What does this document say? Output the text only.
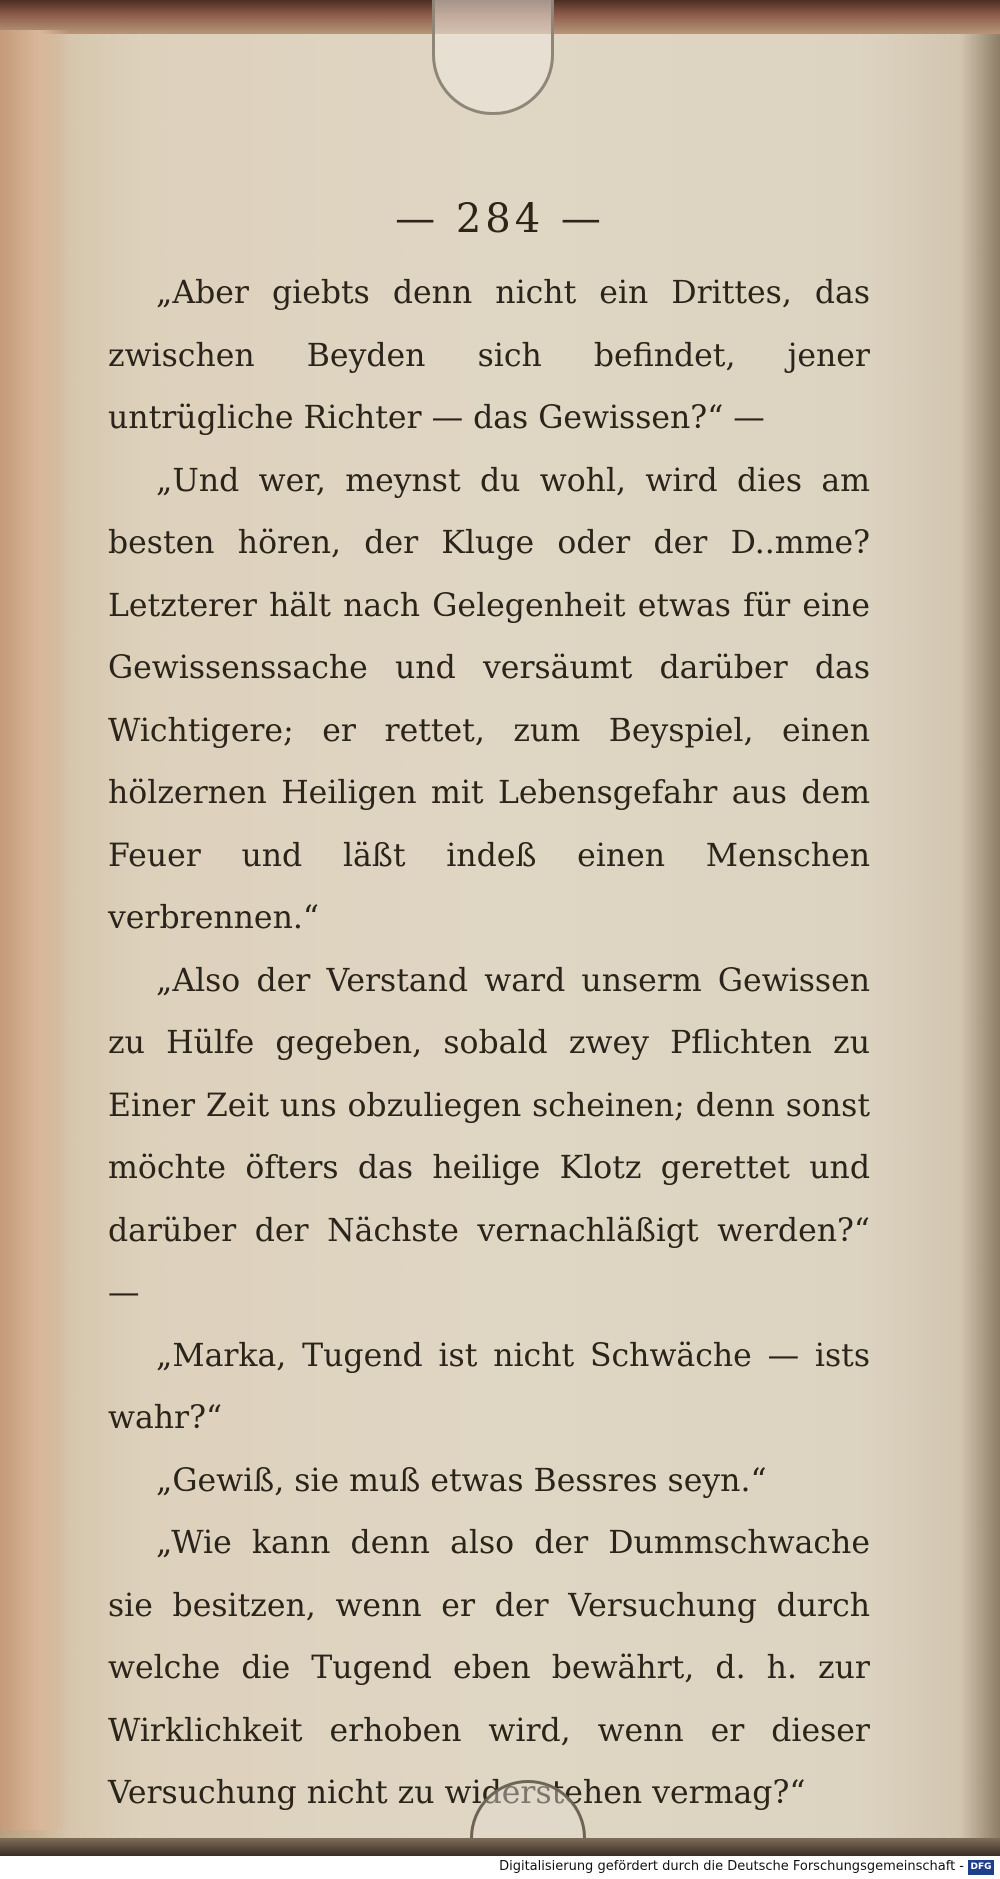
— 284 —

„Aber giebts denn nicht ein Drittes, das zwischen Beyden sich befindet, jener untrügliche Richter — das Gewissen?“ —

„Und wer, meynst du wohl, wird dies am besten hören, der Kluge oder der D..mme? Letzterer hält nach Gelegenheit etwas für eine Gewissenssache und versäumt darüber das Wichtigere; er rettet, zum Beyspiel, einen hölzernen Heiligen mit Lebensgefahr aus dem Feuer und läßt indeß einen Menschen verbrennen.“

„Also der Verstand ward unserm Gewissen zu Hülfe gegeben, sobald zwey Pflichten zu Einer Zeit uns obzuliegen scheinen; denn sonst möchte öfters das heilige Klotz gerettet und darüber der Nächste vernachläßigt werden?“ —

„Marka, Tugend ist nicht Schwäche — ists wahr?“

„Gewiß, sie muß etwas Bessres seyn.“

„Wie kann denn also der Dummschwache sie besitzen, wenn er der Versuchung durch welche die Tugend eben bewährt, d. h. zur Wirklichkeit erhoben wird, wenn er dieser Versuchung nicht zu widerstehen vermag?“

Digitalisierung gefördert durch die Deutsche Forschungsgemeinschaft - DFG
